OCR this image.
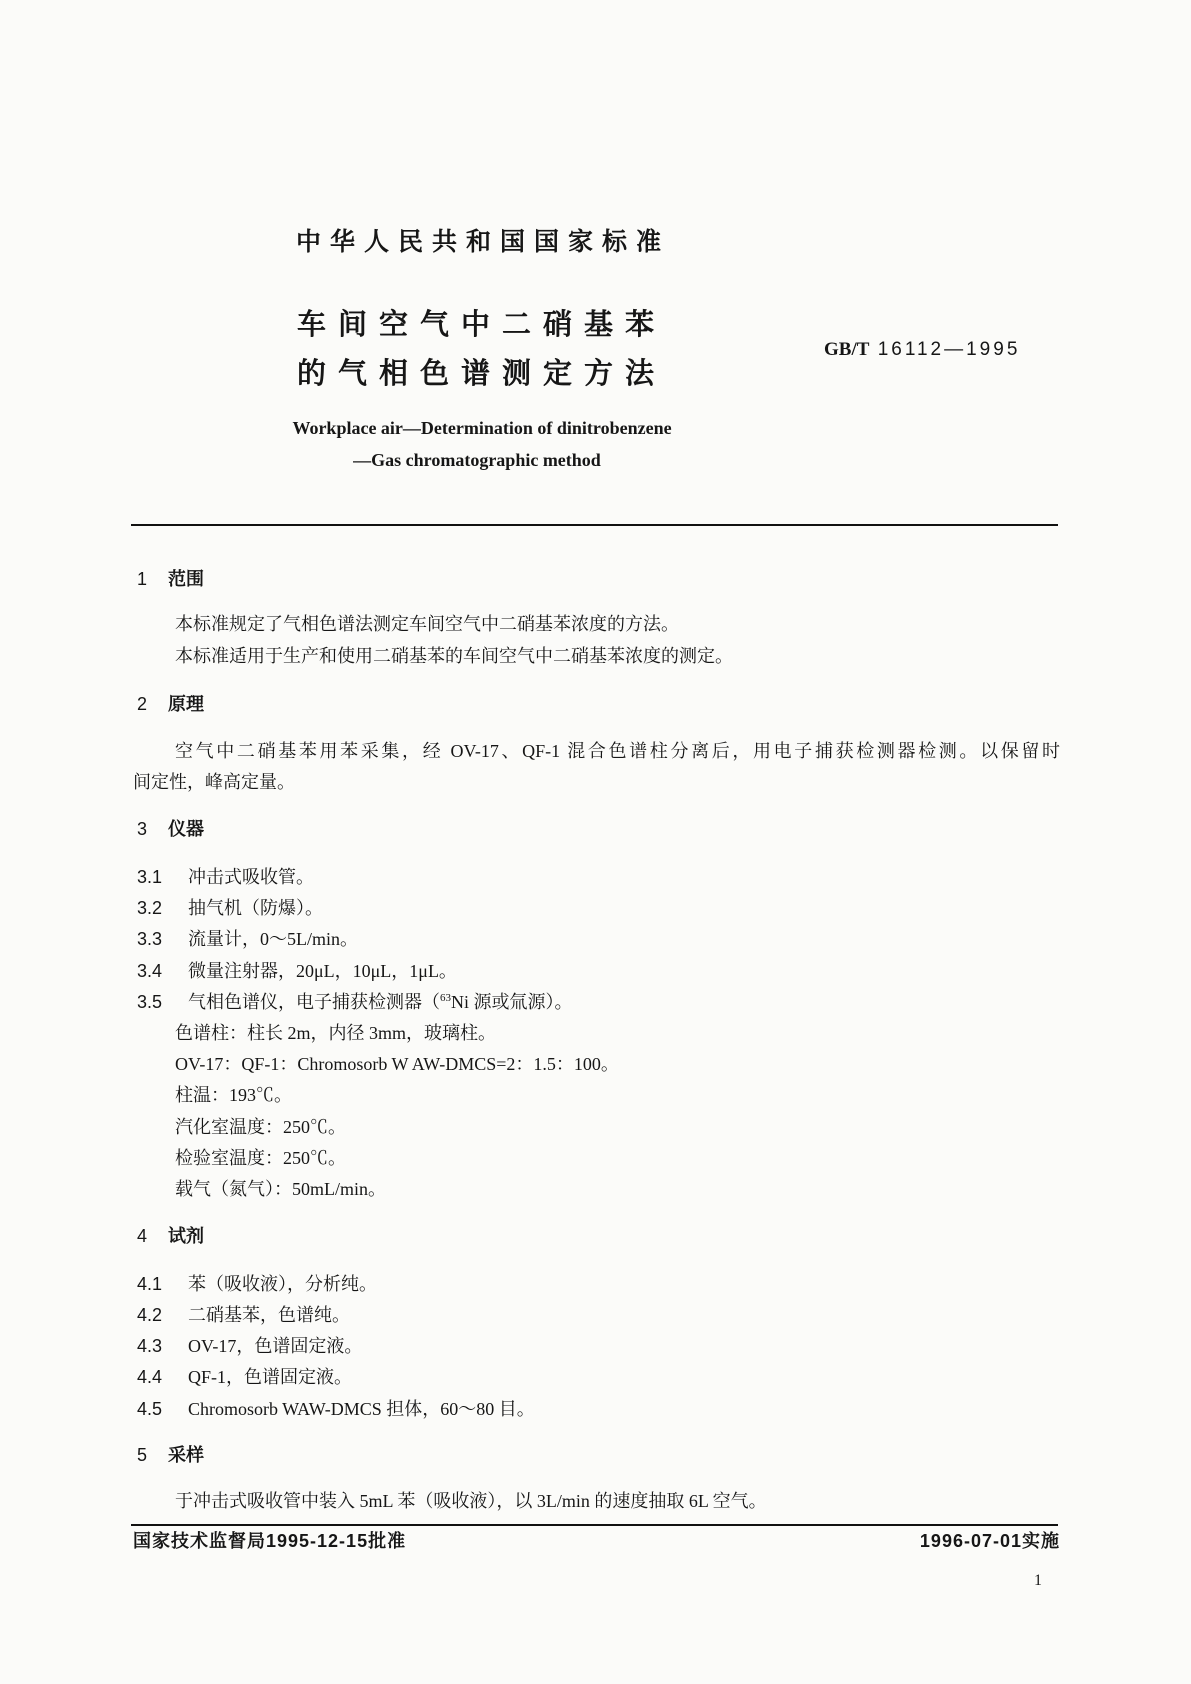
中华人民共和国国家标准
车间空气中二硝基苯
的气相色谱测定方法
GB/T 16112—1995
Workplace air—Determination of dinitrobenzene
—Gas chromatographic method
1 范围
本标准规定了气相色谱法测定车间空气中二硝基苯浓度的方法。
本标准适用于生产和使用二硝基苯的车间空气中二硝基苯浓度的测定。
2 原理
空气中二硝基苯用苯采集，经 OV-17、QF-1 混合色谱柱分离后，用电子捕获检测器检测。以保留时
间定性，峰高定量。
3 仪器
3.1 冲击式吸收管。
3.2 抽气机（防爆）。
3.3 流量计，0～5L/min。
3.4 微量注射器，20μL，10μL，1μL。
3.5 气相色谱仪，电子捕获检测器（$^{63}$Ni 源或氚源）。
色谱柱：柱长 2m，内径 3mm，玻璃柱。
OV-17：QF-1：Chromosorb W AW-DMCS=2：1.5：100。
柱温：193℃。
汽化室温度：250℃。
检验室温度：250℃。
载气（氮气）：50mL/min。
4 试剂
4.1 苯（吸收液），分析纯。
4.2 二硝基苯，色谱纯。
4.3 OV-17，色谱固定液。
4.4 QF-1，色谱固定液。
4.5 Chromosorb WAW-DMCS 担体，60～80 目。
5 采样
于冲击式吸收管中装入 5mL 苯（吸收液），以 3L/min 的速度抽取 6L 空气。
国家技术监督局1995-12-15批准	1996-07-01实施
1
